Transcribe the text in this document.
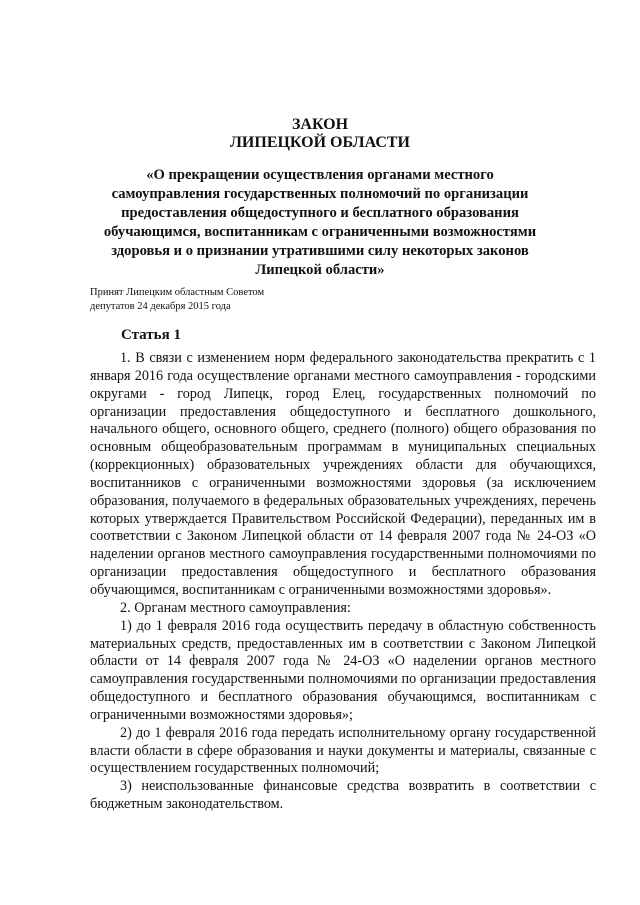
ЗАКОН
ЛИПЕЦКОЙ ОБЛАСТИ
«О прекращении осуществления органами местного самоуправления государственных полномочий по организации предоставления общедоступного и бесплатного образования обучающимся, воспитанникам с ограниченными возможностями здоровья и о признании утратившими силу некоторых законов Липецкой области»
Принят Липецким областным Советом
депутатов 24 декабря 2015 года
Статья 1

1. В связи с изменением норм федерального законодательства прекратить с 1 января 2016 года осуществление органами местного самоуправления - городскими округами - город Липецк, город Елец, государственных полномочий по организации предоставления общедоступного и бесплатного дошкольного, начального общего, основного общего, среднего (полного) общего образования по основным общеобразовательным программам в муниципальных специальных (коррекционных) образовательных учреждениях области для обучающихся, воспитанников с ограниченными возможностями здоровья (за исключением образования, получаемого в федеральных образовательных учреждениях, перечень которых утверждается Правительством Российской Федерации), переданных им в соответствии с Законом Липецкой области от 14 февраля 2007 года № 24-ОЗ «О наделении органов местного самоуправления государственными полномочиями по организации предоставления общедоступного и бесплатного образования обучающимся, воспитанникам с ограниченными возможностями здоровья».

2. Органам местного самоуправления:

1) до 1 февраля 2016 года осуществить передачу в областную собственность материальных средств, предоставленных им в соответствии с Законом Липецкой области от 14 февраля 2007 года № 24-ОЗ «О наделении органов местного самоуправления государственными полномочиями по организации предоставления общедоступного и бесплатного образования обучающимся, воспитанникам с ограниченными возможностями здоровья»;

2) до 1 февраля 2016 года передать исполнительному органу государственной власти области в сфере образования и науки документы и материалы, связанные с осуществлением государственных полномочий;

3) неиспользованные финансовые средства возвратить в соответствии с бюджетным законодательством.
